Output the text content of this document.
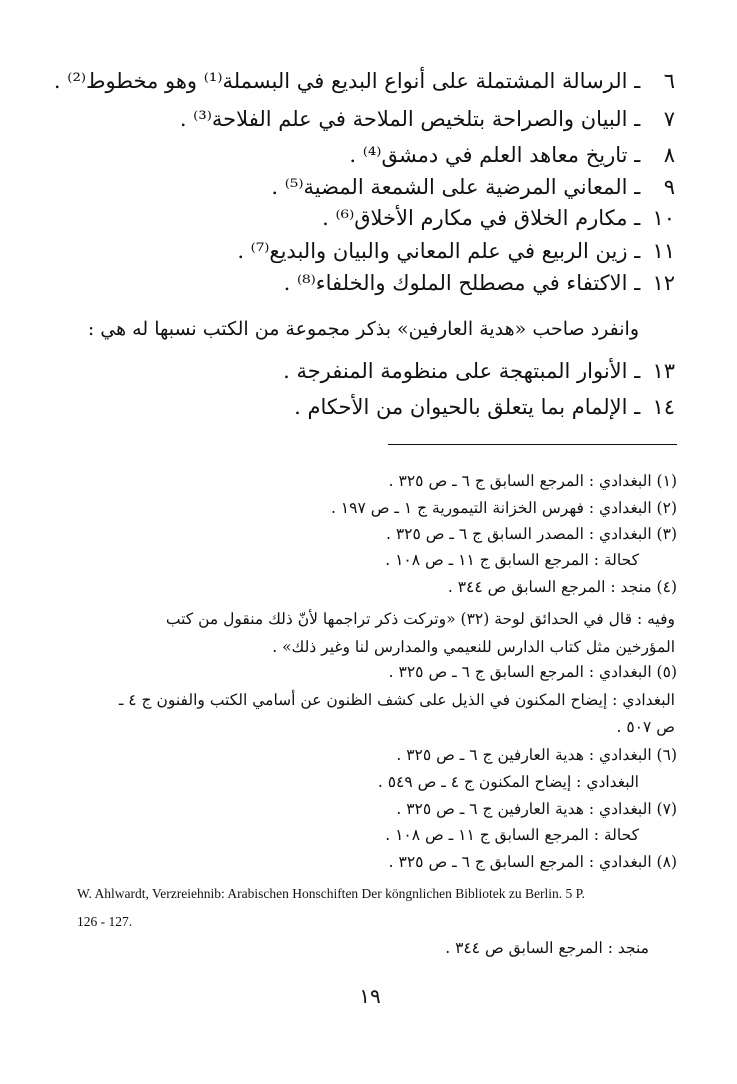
٦ ـ الرسالة المشتملة على أنواع البديع في البسملة⁽¹⁾ وهو مخطوط⁽²⁾ .
٧ ـ البيان والصراحة بتلخيص الملاحة في علم الفلاحة⁽³⁾ .
٨ ـ تاريخ معاهد العلم في دمشق⁽⁴⁾ .
٩ ـ المعاني المرضية على الشمعة المضية⁽⁵⁾ .
١٠ ـ مكارم الخلاق في مكارم الأخلاق⁽⁶⁾ .
١١ ـ زين الربيع في علم المعاني والبيان والبديع⁽⁷⁾ .
١٢ ـ الاكتفاء في مصطلح الملوك والخلفاء⁽⁸⁾ .
وانفرد صاحب «هدية العارفين» بذكر مجموعة من الكتب نسبها له هي :
١٣ ـ الأنوار المبتهجة على منظومة المنفرجة .
١٤ ـ الإلمام بما يتعلق بالحيوان من الأحكام .
(١) البغدادي : المرجع السابق ج ٦ ـ ص ٣٢٥ .
(٢) البغدادي : فهرس الخزانة التيمورية ج ١ ـ ص ١٩٧ .
(٣) البغدادي : المصدر السابق ج ٦ ـ ص ٣٢٥ .
كحالة : المرجع السابق ج ١١ ـ ص ١٠٨ .
(٤) منجد : المرجع السابق ص ٣٤٤ .
وفيه : قال في الحدائق لوحة (٣٢) «وتركت ذكر تراجمها لأنّ ذلك منقول من كتب
المؤرخين مثل كتاب الدارس للنعيمي والمدارس لنا وغير ذلك» .
(٥) البغدادي : المرجع السابق ج ٦ ـ ص ٣٢٥ .
البغدادي : إيضاح المكنون في الذيل على كشف الظنون عن أسامي الكتب والفنون ج ٤ ـ
ص ٥٠٧ .
(٦) البغدادي : هدية العارفين ج ٦ ـ ص ٣٢٥ .
البغدادي : إيضاح المكنون ج ٤ ـ ص ٥٤٩ .
(٧) البغدادي : هدية العارفين ج ٦ ـ ص ٣٢٥ .
كحالة : المرجع السابق ج ١١ ـ ص ١٠٨ .
(٨) البغدادي : المرجع السابق ج ٦ ـ ص ٣٢٥ .
W. Ahlwardt, Verzreiehnib: Arabischen Honschiften Der köngnlichen Bibliotek zu Berlin. 5 P.
126 - 127.
منجد : المرجع السابق ص ٣٤٤ .
١٩
